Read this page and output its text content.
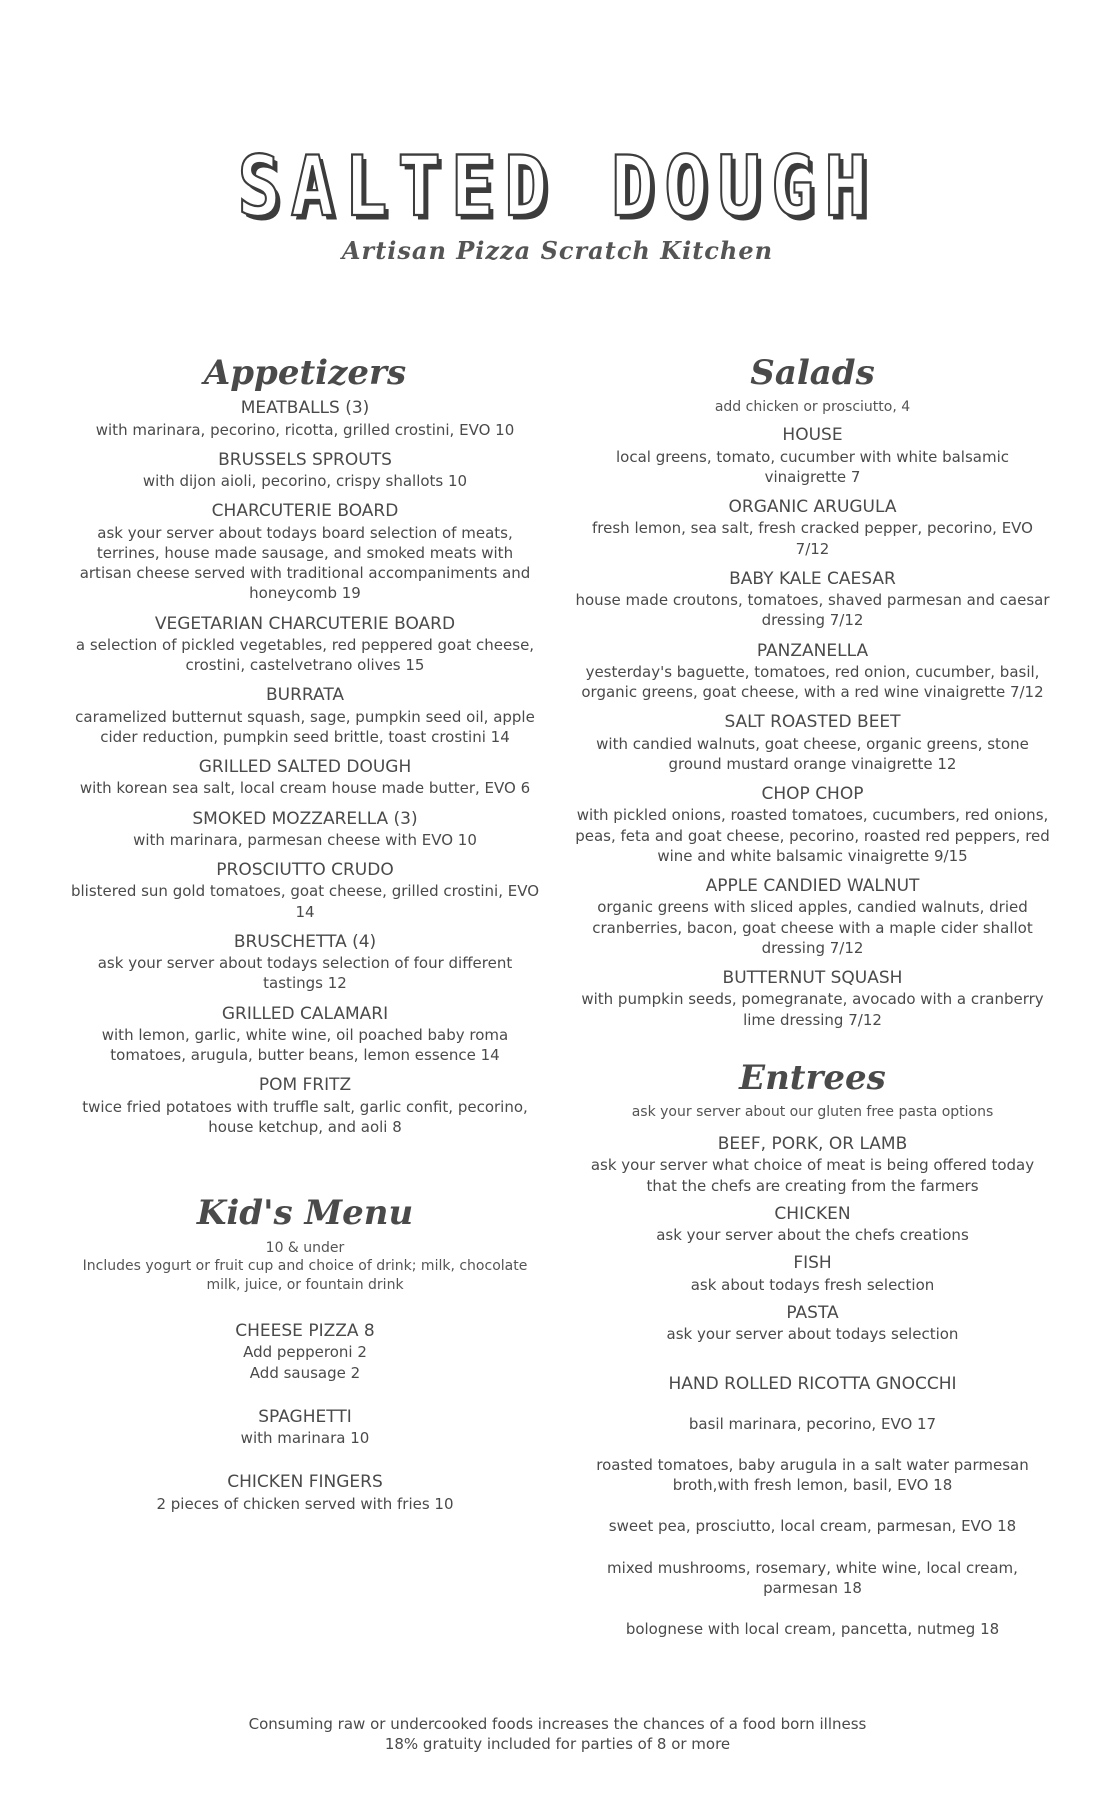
SALTED DOUGH
Artisan Pizza Scratch Kitchen
Appetizers
MEATBALLS (3)
with marinara, pecorino, ricotta, grilled crostini, EVO 10
BRUSSELS SPROUTS
with dijon aioli, pecorino, crispy shallots 10
CHARCUTERIE BOARD
ask your server about todays board selection of meats, terrines, house made sausage, and smoked meats with artisan cheese served with traditional accompaniments and honeycomb 19
VEGETARIAN CHARCUTERIE BOARD
a selection of pickled vegetables, red peppered goat cheese, crostini, castelvetrano olives 15
BURRATA
caramelized butternut squash, sage, pumpkin seed oil, apple cider reduction, pumpkin seed brittle, toast crostini 14
GRILLED SALTED DOUGH
with korean sea salt, local cream house made butter, EVO 6
SMOKED MOZZARELLA (3)
with marinara, parmesan cheese with EVO 10
PROSCIUTTO CRUDO
blistered sun gold tomatoes, goat cheese, grilled crostini, EVO 14
BRUSCHETTA (4)
ask your server about todays selection of four different tastings 12
GRILLED CALAMARI
with lemon, garlic, white wine, oil poached baby roma tomatoes, arugula, butter beans, lemon essence 14
POM FRITZ
twice fried potatoes with truffle salt, garlic confit, pecorino, house ketchup, and aoli 8
Kid's Menu
10 & under
Includes yogurt or fruit cup and choice of drink; milk, chocolate milk, juice, or fountain drink
CHEESE PIZZA 8
Add pepperoni 2
Add sausage 2
SPAGHETTI
with marinara 10
CHICKEN FINGERS
2 pieces of chicken served with fries 10
Salads
add chicken or prosciutto, 4
HOUSE
local greens, tomato, cucumber with white balsamic vinaigrette 7
ORGANIC ARUGULA
fresh lemon, sea salt, fresh cracked pepper, pecorino, EVO 7/12
BABY KALE CAESAR
house made croutons, tomatoes, shaved parmesan and caesar dressing 7/12
PANZANELLA
yesterday's baguette, tomatoes, red onion, cucumber, basil, organic greens, goat cheese, with a red wine vinaigrette 7/12
SALT ROASTED BEET
with candied walnuts, goat cheese, organic greens, stone ground mustard orange vinaigrette 12
CHOP CHOP
with pickled onions, roasted tomatoes, cucumbers, red onions, peas, feta and goat cheese, pecorino, roasted red peppers, red wine and white balsamic vinaigrette 9/15
APPLE CANDIED WALNUT
organic greens with sliced apples, candied walnuts, dried cranberries, bacon, goat cheese with a maple cider shallot dressing 7/12
BUTTERNUT SQUASH
with pumpkin seeds, pomegranate, avocado with a cranberry lime dressing 7/12
Entrees
ask your server about our gluten free pasta options
BEEF, PORK, OR LAMB
ask your server what choice of meat is being offered today that the chefs are creating from the farmers
CHICKEN
ask your server about the chefs creations
FISH
ask about todays fresh selection
PASTA
ask your server about todays selection
HAND ROLLED RICOTTA GNOCCHI
basil marinara, pecorino, EVO 17
roasted tomatoes, baby arugula in a salt water parmesan broth,with fresh lemon, basil, EVO 18
sweet pea, prosciutto, local cream, parmesan, EVO 18
mixed mushrooms, rosemary, white wine, local cream, parmesan 18
bolognese with local cream, pancetta, nutmeg 18
Consuming raw or undercooked foods increases the chances of a food born illness
18% gratuity included for parties of 8 or more
